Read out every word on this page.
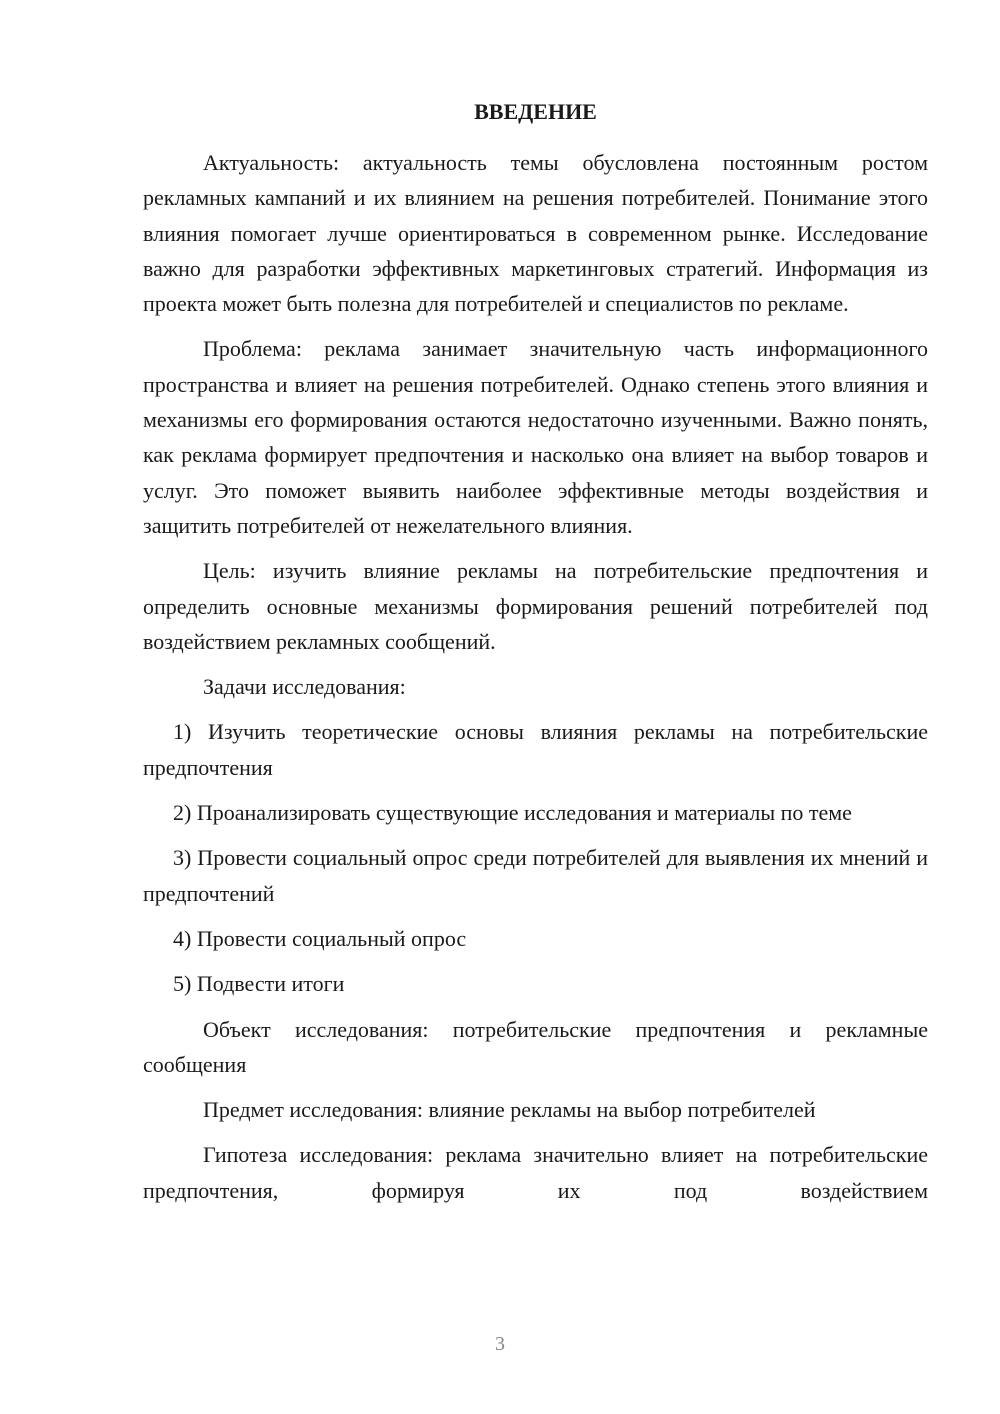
ВВЕДЕНИЕ

Актуальность: актуальность темы обусловлена постоянным ростом рекламных кампаний и их влиянием на решения потребителей. Понимание этого влияния помогает лучше ориентироваться в современном рынке. Исследование важно для разработки эффективных маркетинговых стратегий. Информация из проекта может быть полезна для потребителей и специалистов по рекламе.

Проблема: реклама занимает значительную часть информационного пространства и влияет на решения потребителей. Однако степень этого влияния и механизмы его формирования остаются недостаточно изученными. Важно понять, как реклама формирует предпочтения и насколько она влияет на выбор товаров и услуг. Это поможет выявить наиболее эффективные методы воздействия и защитить потребителей от нежелательного влияния.

Цель: изучить влияние рекламы на потребительские предпочтения и определить основные механизмы формирования решений потребителей под воздействием рекламных сообщений.

Задачи исследования:

1) Изучить теоретические основы влияния рекламы на потребительские предпочтения

2) Проанализировать существующие исследования и материалы по теме

3) Провести социальный опрос среди потребителей для выявления их мнений и предпочтений

4) Провести социальный опрос

5) Подвести итоги

Объект исследования: потребительские предпочтения и рекламные сообщения

Предмет исследования: влияние рекламы на выбор потребителей

Гипотеза исследования: реклама значительно влияет на потребительские предпочтения, формируя их под воздействием

3
